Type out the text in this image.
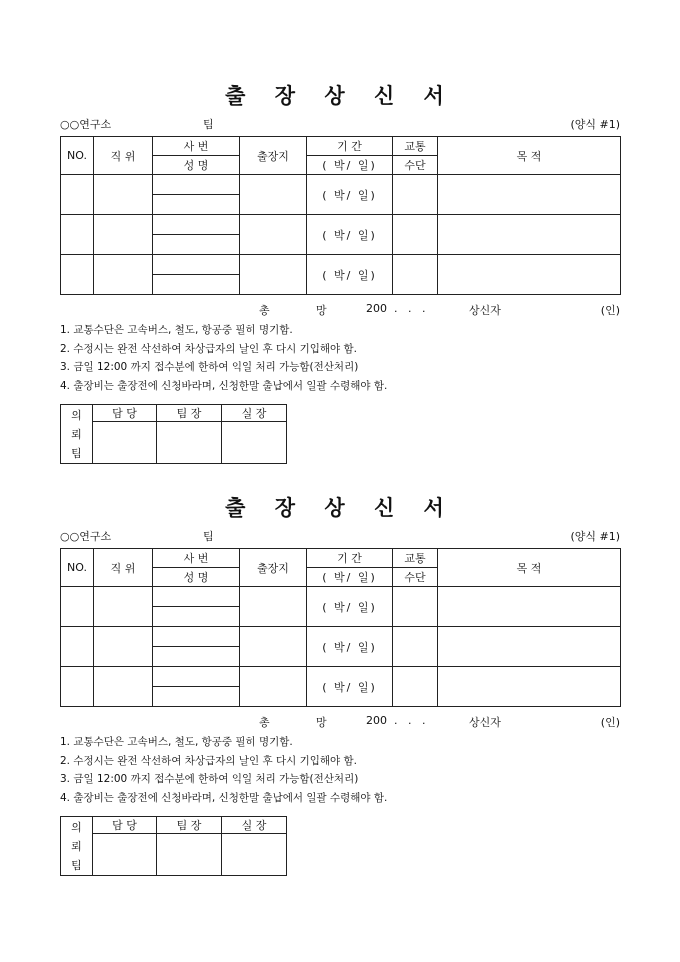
출 장 상 신 서
○○연구소	팀	(양식 #1)
NO.	직 위	사 번	출장지	기 간	교통	목 적
		성 명		( 박/ 일)	수단	
				( 박/ 일)		

				( 박/ 일)		

				( 박/ 일)		

총	망	200  .   .   .	상신자	(인)
1. 교통수단은 고속버스, 철도, 항공중 필히 명기함.
2. 수정시는 완전 삭선하여 차상급자의 날인 후 다시 기입해야 함.
3. 금일 12:00 까지 접수분에 한하여 익일 처리 가능함(전산처리)
4. 출장비는 출장전에 신청바라며, 신청한말 출납에서 일괄 수령해야 함.
의
뢰
팀	담 당	팀 장	실 장

출 장 상 신 서
○○연구소	팀	(양식 #1)
NO.	직 위	사 번	출장지	기 간	교통	목 적
		성 명		( 박/ 일)	수단	
				( 박/ 일)		

				( 박/ 일)		

				( 박/ 일)		

총	망	200  .   .   .	상신자	(인)
1. 교통수단은 고속버스, 철도, 항공중 필히 명기함.
2. 수정시는 완전 삭선하여 차상급자의 날인 후 다시 기입해야 함.
3. 금일 12:00 까지 접수분에 한하여 익일 처리 가능함(전산처리)
4. 출장비는 출장전에 신청바라며, 신청한말 출납에서 일괄 수령해야 함.
의
뢰
팀	담 당	팀 장	실 장
